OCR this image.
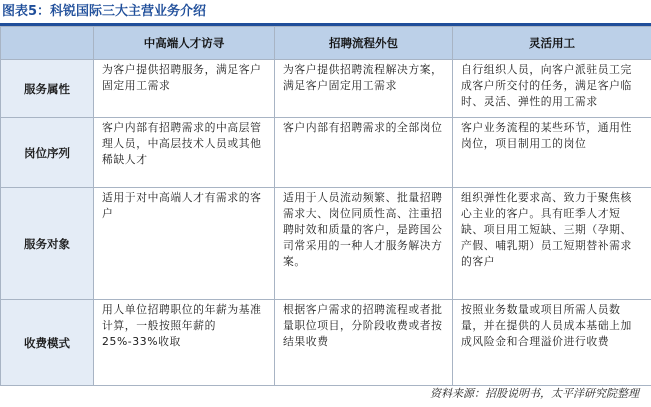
图表5：科锐国际三大主营业务介绍
	中高端人才访寻	招聘流程外包	灵活用工
服务属性	为客户提供招聘服务，满足客户固定用工需求	为客户提供招聘流程解决方案，满足客户固定用工需求	自行组织人员，向客户派驻员工完成客户所交付的任务，满足客户临时、灵活、弹性的用工需求
岗位序列	客户内部有招聘需求的中高层管理人员，中高层技术人员或其他稀缺人才	客户内部有招聘需求的全部岗位	客户业务流程的某些环节，通用性岗位，项目制用工的岗位
服务对象	适用于对中高端人才有需求的客户	适用于人员流动频繁、批量招聘需求大、岗位同质性高、注重招聘时效和质量的客户，是跨国公司常采用的一种人才服务解决方案。	组织弹性化要求高、致力于聚焦核心主业的客户。具有旺季人才短缺、项目用工短缺、三期（孕期、产假、哺乳期）员工短期替补需求的客户
收费模式	用人单位招聘职位的年薪为基准计算，一般按照年薪的 25%-33%收取	根据客户需求的招聘流程或者批量职位项目，分阶段收费或者按结果收费	按照业务数量或项目所需人员数量，并在提供的人员成本基础上加成风险金和合理溢价进行收费
资料来源：招股说明书，太平洋研究院整理
